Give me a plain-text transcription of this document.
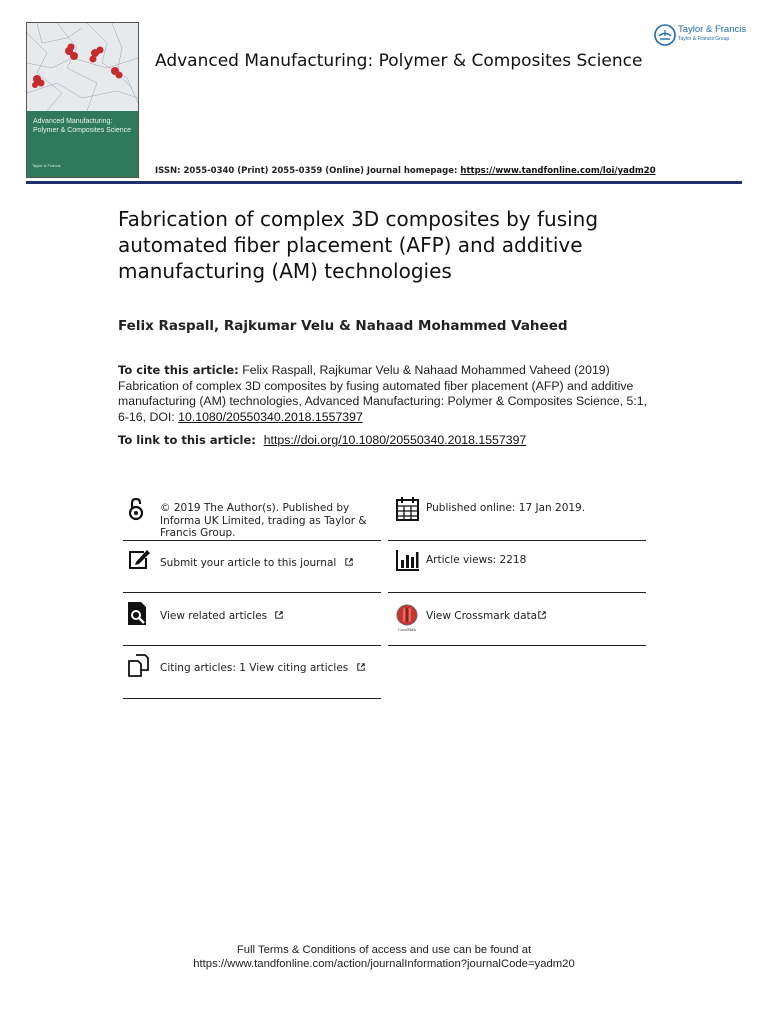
Advanced Manufacturing:
Polymer & Composites Science
Taylor & Francis
Advanced Manufacturing: Polymer & Composites Science
Taylor & Francis
Taylor & Francis Group
ISSN: 2055-0340 (Print) 2055-0359 (Online) Journal homepage: https://www.tandfonline.com/loi/yadm20
Fabrication of complex 3D composites by fusing automated fiber placement (AFP) and additive manufacturing (AM) technologies
Felix Raspall, Rajkumar Velu & Nahaad Mohammed Vaheed
To cite this article: Felix Raspall, Rajkumar Velu & Nahaad Mohammed Vaheed (2019) Fabrication of complex 3D composites by fusing automated fiber placement (AFP) and additive manufacturing (AM) technologies, Advanced Manufacturing: Polymer & Composites Science, 5:1, 6-16, DOI: 10.1080/20550340.2018.1557397
To link to this article: https://doi.org/10.1080/20550340.2018.1557397
© 2019 The Author(s). Published by Informa UK Limited, trading as Taylor & Francis Group.
Submit your article to this journal
View related articles
Citing articles: 1 View citing articles
Published online: 17 Jan 2019.
Article views: 2218
CrossMark
View Crossmark data
Full Terms & Conditions of access and use can be found at
https://www.tandfonline.com/action/journalInformation?journalCode=yadm20
